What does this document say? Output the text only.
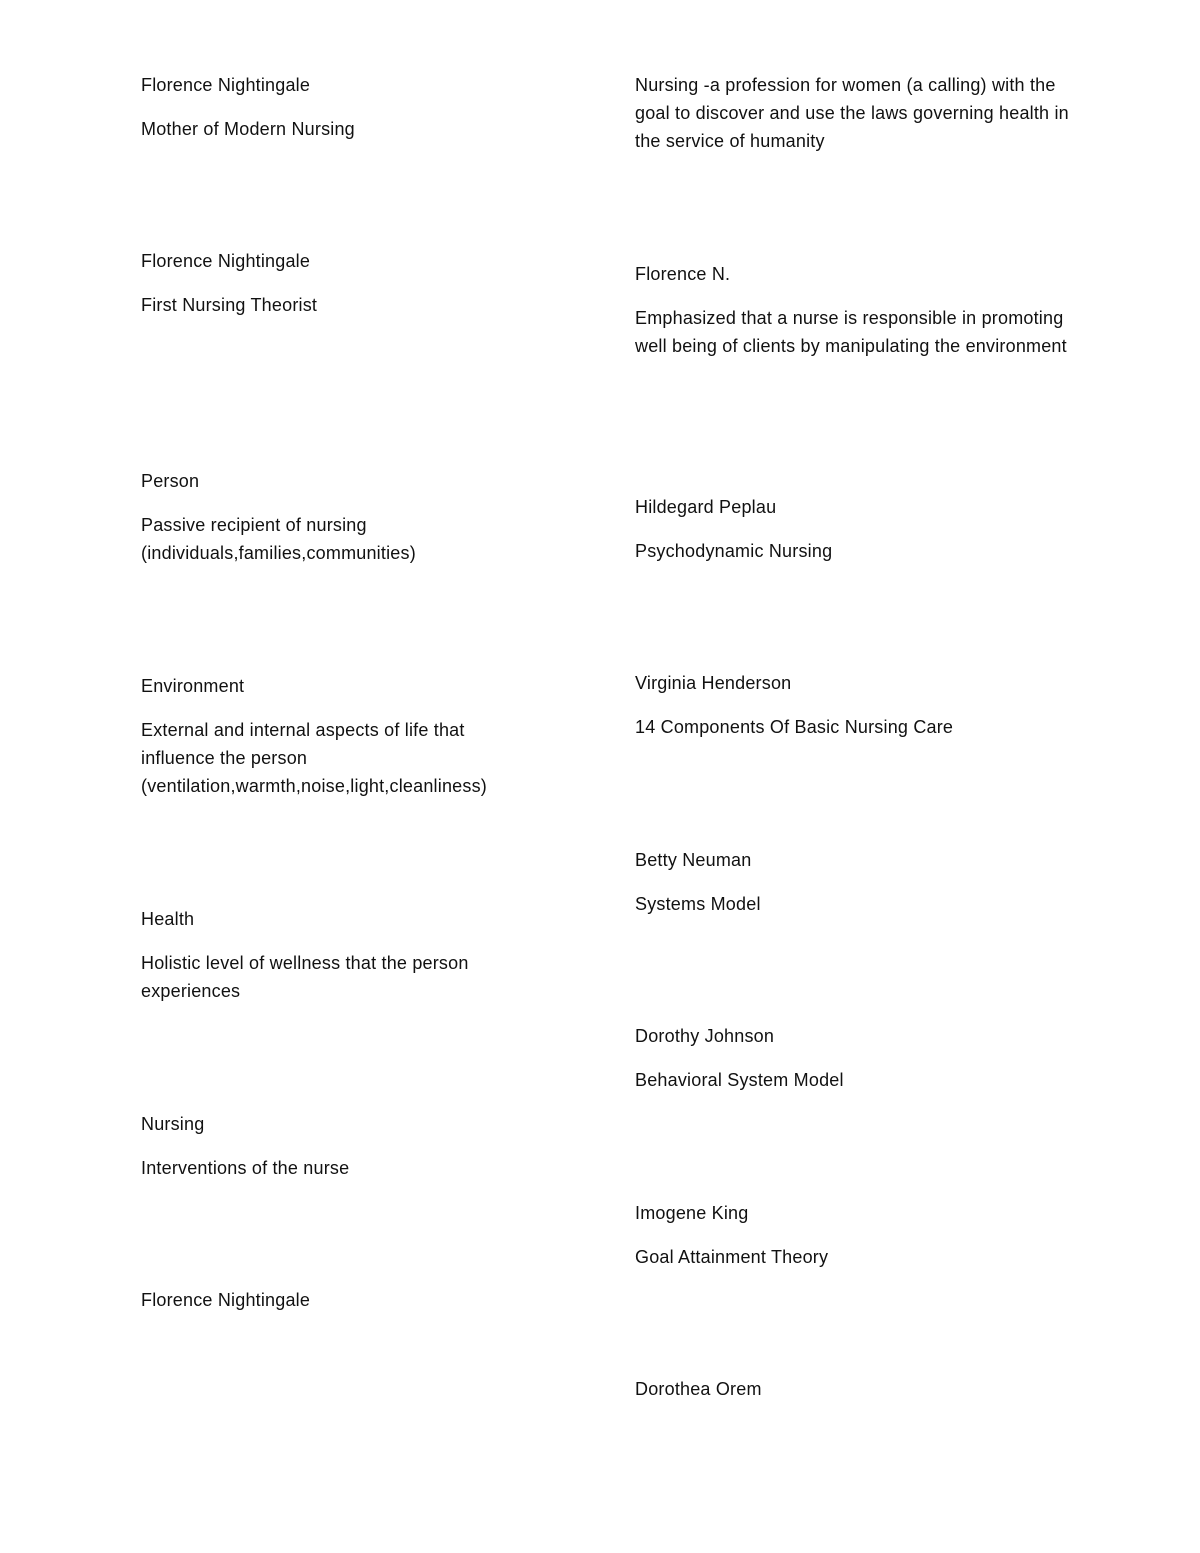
Florence Nightingale
Mother of Modern Nursing
Florence Nightingale
First Nursing Theorist
Person
Passive recipient of nursing (individuals,families,communities)
Environment
External and internal aspects of life that influence the person (ventilation,warmth,noise,light,cleanliness)
Health
Holistic level of wellness that the person experiences
Nursing
Interventions of the nurse
Florence Nightingale
Nursing -a profession for women (a calling) with the goal to discover and use the laws governing health in the service of humanity
Florence N.
Emphasized that a nurse is responsible in promoting well being of clients by manipulating the environment
Hildegard Peplau
Psychodynamic Nursing
Virginia Henderson
14 Components Of Basic Nursing Care
Betty Neuman
Systems Model
Dorothy Johnson
Behavioral System Model
Imogene King
Goal Attainment Theory
Dorothea Orem
